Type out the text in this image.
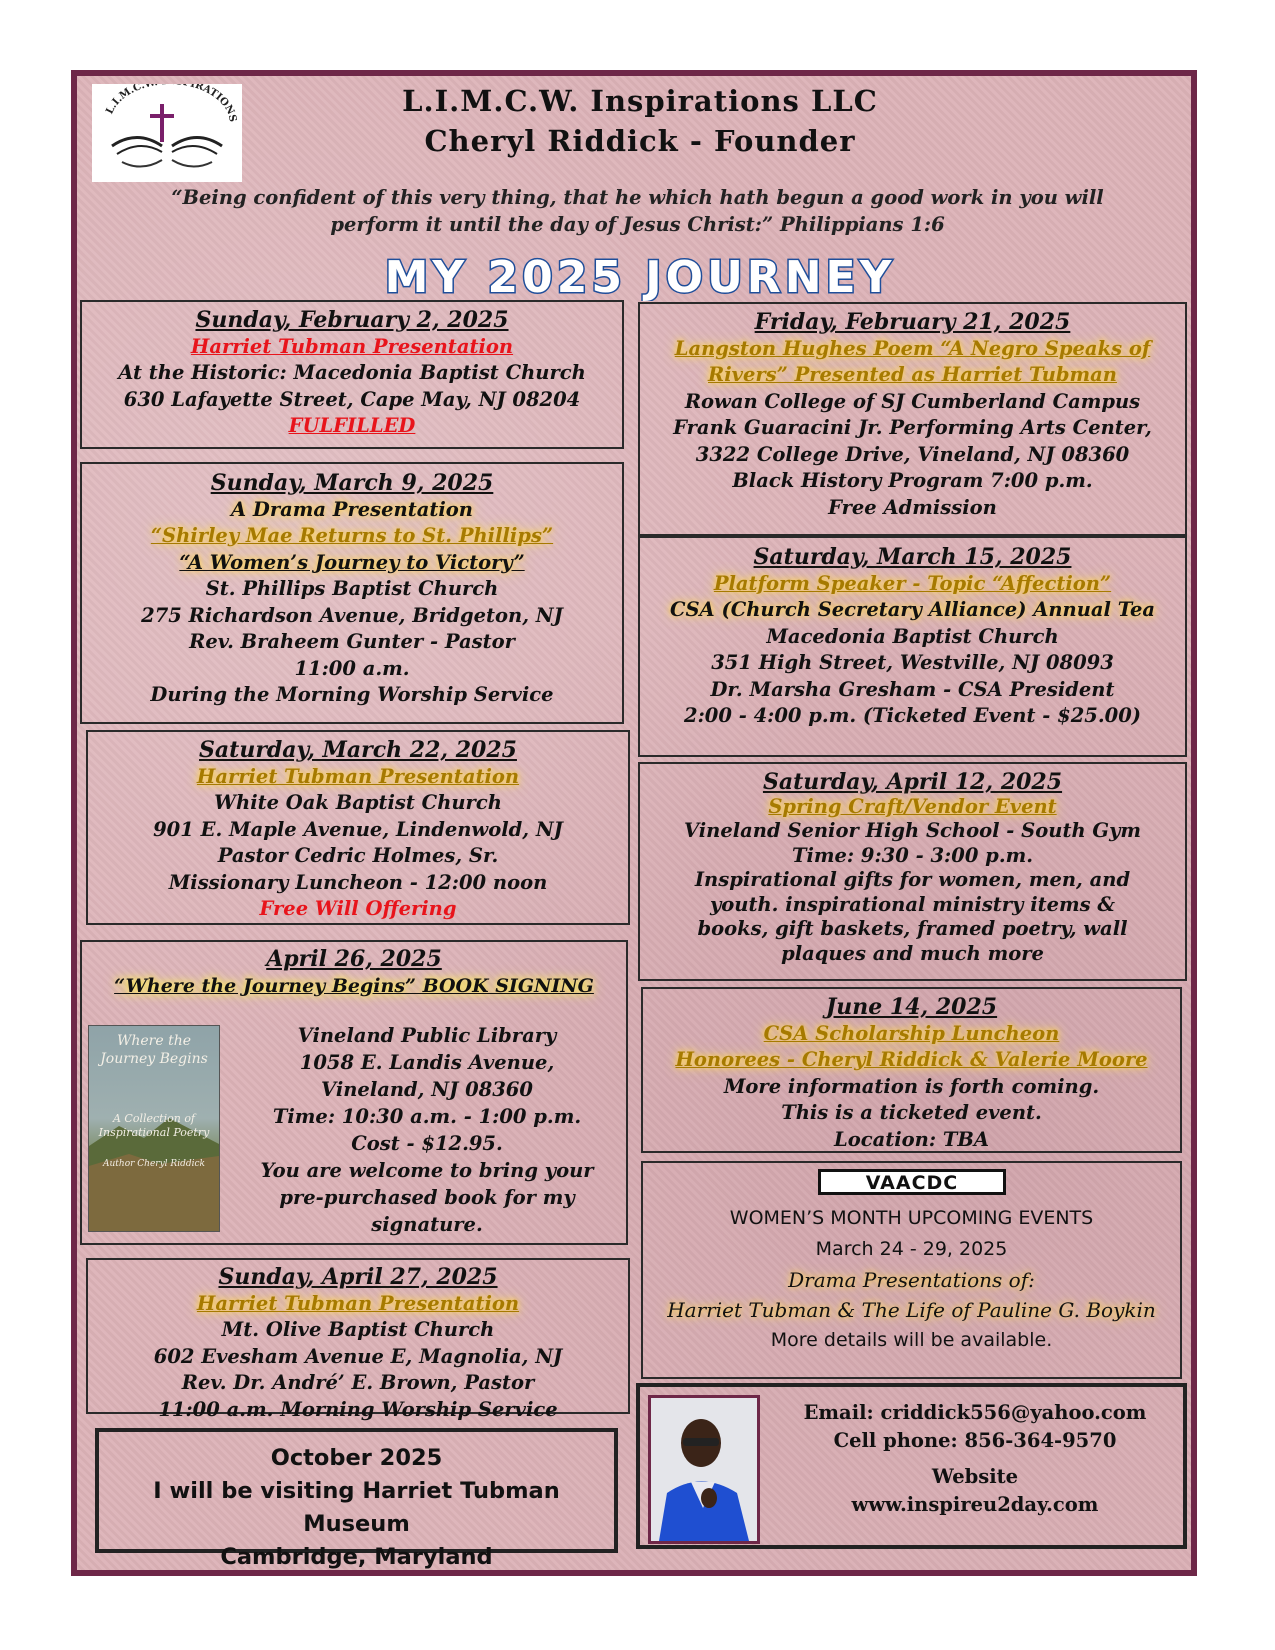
L.I.M.C. IRATIONS
L.I.M.C.W. Inspirations LLC
Cheryl Riddick - Founder
“Being confident of this very thing, that he which hath begun a good work in you will
perform it until the day of Jesus Christ:” Philippians 1:6
MY 2025 JOURNEY
Sunday, February 2, 2025
Harriet Tubman Presentation
At the Historic: Macedonia Baptist Church
630 Lafayette Street, Cape May, NJ 08204
FULFILLED
Sunday, March 9, 2025
A Drama Presentation
“Shirley Mae Returns to St. Phillips”
“A Women’s Journey to Victory”
St. Phillips Baptist Church
275 Richardson Avenue, Bridgeton, NJ
Rev. Braheem Gunter - Pastor
11:00 a.m.
During the Morning Worship Service
Saturday, March 22, 2025
Harriet Tubman Presentation
White Oak Baptist Church
901 E. Maple Avenue, Lindenwold, NJ
Pastor Cedric Holmes, Sr.
Missionary Luncheon - 12:00 noon
Free Will Offering
April 26, 2025
“Where the Journey Begins” BOOK SIGNING
Vineland Public Library
1058 E. Landis Avenue,
Vineland, NJ 08360
Time: 10:30 a.m. - 1:00 p.m.
Cost - $12.95.
You are welcome to bring your
pre-purchased book for my
signature.
Where the Journey Begins
A Collection of Inspirational Poetry
Author Cheryl Riddick
Sunday, April 27, 2025
Harriet Tubman Presentation
Mt. Olive Baptist Church
602 Evesham Avenue E, Magnolia, NJ
Rev. Dr. André’ E. Brown, Pastor
11:00 a.m. Morning Worship Service
October 2025
I will be visiting Harriet Tubman Museum
Cambridge, Maryland
Friday, February 21, 2025
Langston Hughes Poem “A Negro Speaks of
Rivers” Presented as Harriet Tubman
Rowan College of SJ Cumberland Campus
Frank Guaracini Jr. Performing Arts Center,
3322 College Drive, Vineland, NJ 08360
Black History Program 7:00 p.m.
Free Admission
Saturday, March 15, 2025
Platform Speaker - Topic “Affection”
CSA (Church Secretary Alliance) Annual Tea
Macedonia Baptist Church
351 High Street, Westville, NJ 08093
Dr. Marsha Gresham - CSA President
2:00 - 4:00 p.m. (Ticketed Event - $25.00)
Saturday, April 12, 2025
Spring Craft/Vendor Event
Vineland Senior High School - South Gym
Time: 9:30 - 3:00 p.m.
Inspirational gifts for women, men, and
youth. inspirational ministry items &
books, gift baskets, framed poetry, wall
plaques and much more
June 14, 2025
CSA Scholarship Luncheon
Honorees - Cheryl Riddick & Valerie Moore
More information is forth coming.
This is a ticketed event.
Location: TBA
VAACDC
WOMEN’S MONTH UPCOMING EVENTS
March 24 - 29, 2025
Drama Presentations of:
Harriet Tubman & The Life of Pauline G. Boykin
More details will be available.
Email: criddick556@yahoo.com
Cell phone: 856-364-9570
Website
www.inspireu2day.com
